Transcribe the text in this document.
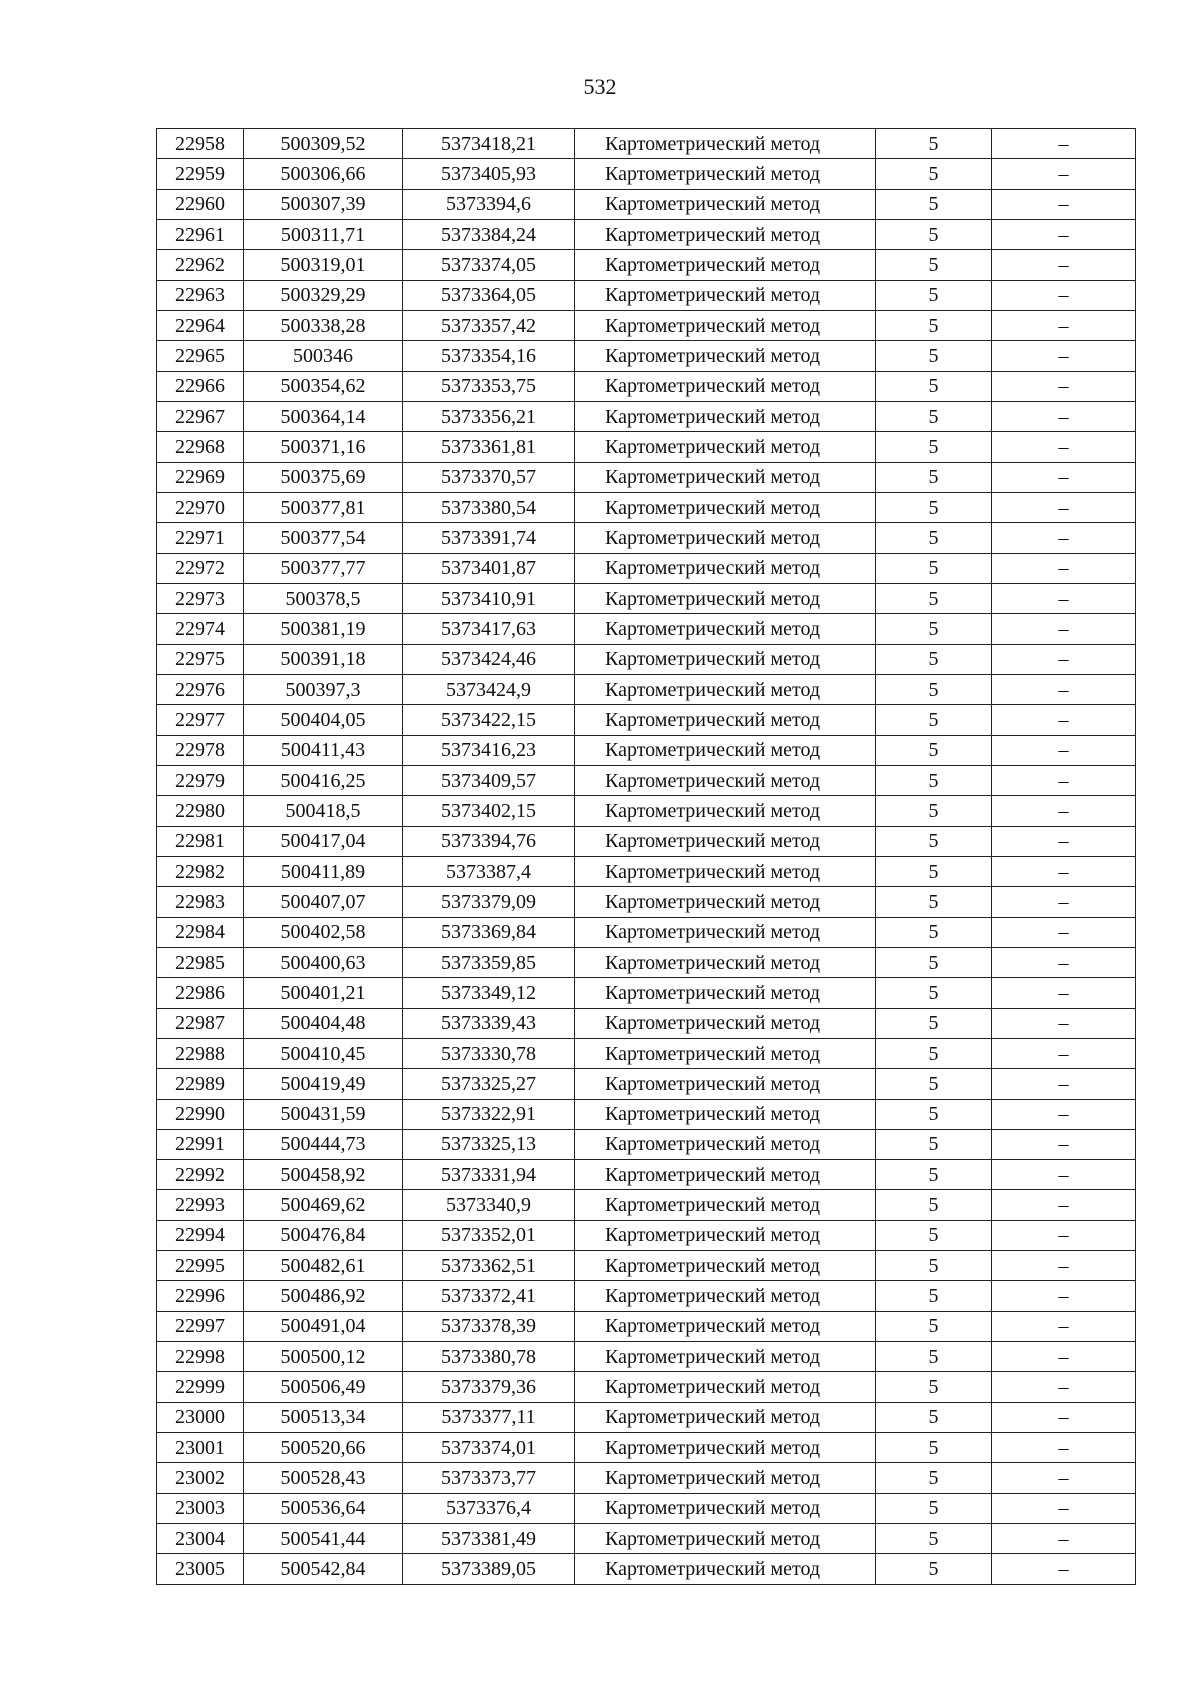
532
22958	500309,52	5373418,21	Картометрический метод	5	–
22959	500306,66	5373405,93	Картометрический метод	5	–
22960	500307,39	5373394,6	Картометрический метод	5	–
22961	500311,71	5373384,24	Картометрический метод	5	–
22962	500319,01	5373374,05	Картометрический метод	5	–
22963	500329,29	5373364,05	Картометрический метод	5	–
22964	500338,28	5373357,42	Картометрический метод	5	–
22965	500346	5373354,16	Картометрический метод	5	–
22966	500354,62	5373353,75	Картометрический метод	5	–
22967	500364,14	5373356,21	Картометрический метод	5	–
22968	500371,16	5373361,81	Картометрический метод	5	–
22969	500375,69	5373370,57	Картометрический метод	5	–
22970	500377,81	5373380,54	Картометрический метод	5	–
22971	500377,54	5373391,74	Картометрический метод	5	–
22972	500377,77	5373401,87	Картометрический метод	5	–
22973	500378,5	5373410,91	Картометрический метод	5	–
22974	500381,19	5373417,63	Картометрический метод	5	–
22975	500391,18	5373424,46	Картометрический метод	5	–
22976	500397,3	5373424,9	Картометрический метод	5	–
22977	500404,05	5373422,15	Картометрический метод	5	–
22978	500411,43	5373416,23	Картометрический метод	5	–
22979	500416,25	5373409,57	Картометрический метод	5	–
22980	500418,5	5373402,15	Картометрический метод	5	–
22981	500417,04	5373394,76	Картометрический метод	5	–
22982	500411,89	5373387,4	Картометрический метод	5	–
22983	500407,07	5373379,09	Картометрический метод	5	–
22984	500402,58	5373369,84	Картометрический метод	5	–
22985	500400,63	5373359,85	Картометрический метод	5	–
22986	500401,21	5373349,12	Картометрический метод	5	–
22987	500404,48	5373339,43	Картометрический метод	5	–
22988	500410,45	5373330,78	Картометрический метод	5	–
22989	500419,49	5373325,27	Картометрический метод	5	–
22990	500431,59	5373322,91	Картометрический метод	5	–
22991	500444,73	5373325,13	Картометрический метод	5	–
22992	500458,92	5373331,94	Картометрический метод	5	–
22993	500469,62	5373340,9	Картометрический метод	5	–
22994	500476,84	5373352,01	Картометрический метод	5	–
22995	500482,61	5373362,51	Картометрический метод	5	–
22996	500486,92	5373372,41	Картометрический метод	5	–
22997	500491,04	5373378,39	Картометрический метод	5	–
22998	500500,12	5373380,78	Картометрический метод	5	–
22999	500506,49	5373379,36	Картометрический метод	5	–
23000	500513,34	5373377,11	Картометрический метод	5	–
23001	500520,66	5373374,01	Картометрический метод	5	–
23002	500528,43	5373373,77	Картометрический метод	5	–
23003	500536,64	5373376,4	Картометрический метод	5	–
23004	500541,44	5373381,49	Картометрический метод	5	–
23005	500542,84	5373389,05	Картометрический метод	5	–
